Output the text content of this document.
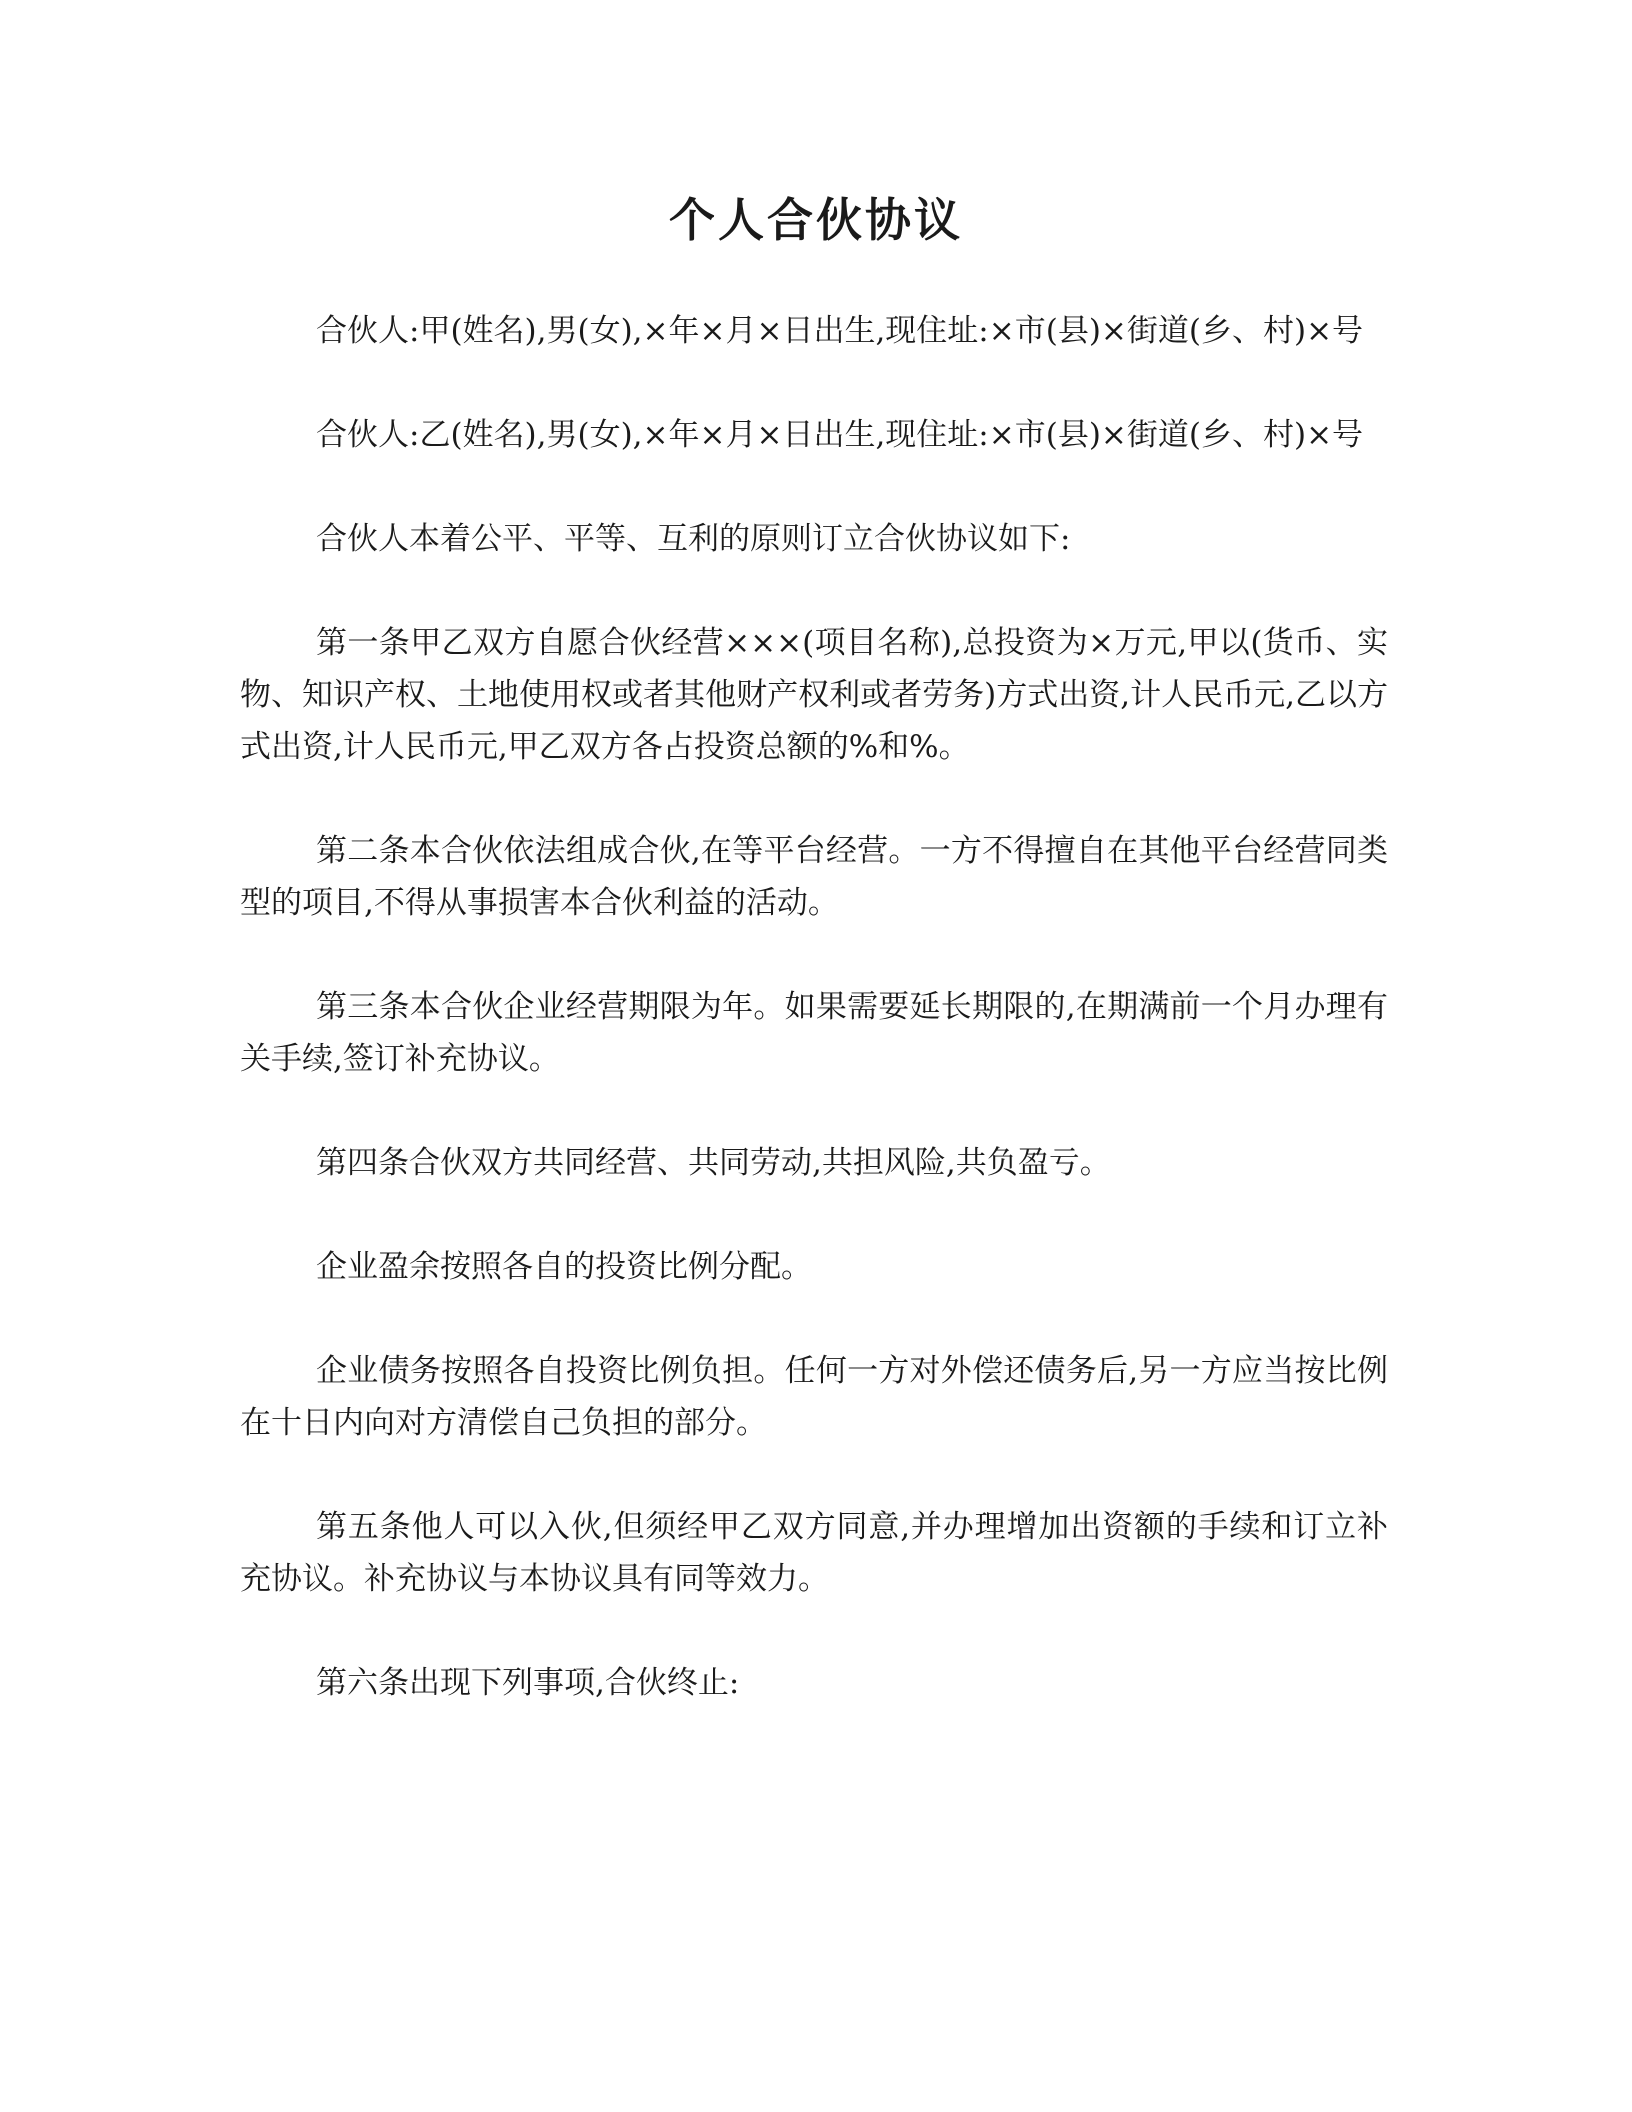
个人合伙协议

合伙人:甲(姓名),男(女),×年×月×日出生,现住址:×市(县)×街道(乡、村)×号

合伙人:乙(姓名),男(女),×年×月×日出生,现住址:×市(县)×街道(乡、村)×号

合伙人本着公平、平等、互利的原则订立合伙协议如下:

第一条甲乙双方自愿合伙经营×××(项目名称),总投资为×万元,甲以(货币、实物、知识产权、土地使用权或者其他财产权利或者劳务)方式出资,计人民币元,乙以方式出资,计人民币元,甲乙双方各占投资总额的%和%。

第二条本合伙依法组成合伙,在等平台经营。一方不得擅自在其他平台经营同类型的项目,不得从事损害本合伙利益的活动。

第三条本合伙企业经营期限为年。如果需要延长期限的,在期满前一个月办理有关手续,签订补充协议。

第四条合伙双方共同经营、共同劳动,共担风险,共负盈亏。

企业盈余按照各自的投资比例分配。

企业债务按照各自投资比例负担。任何一方对外偿还债务后,另一方应当按比例在十日内向对方清偿自己负担的部分。

第五条他人可以入伙,但须经甲乙双方同意,并办理增加出资额的手续和订立补充协议。补充协议与本协议具有同等效力。

第六条出现下列事项,合伙终止:
